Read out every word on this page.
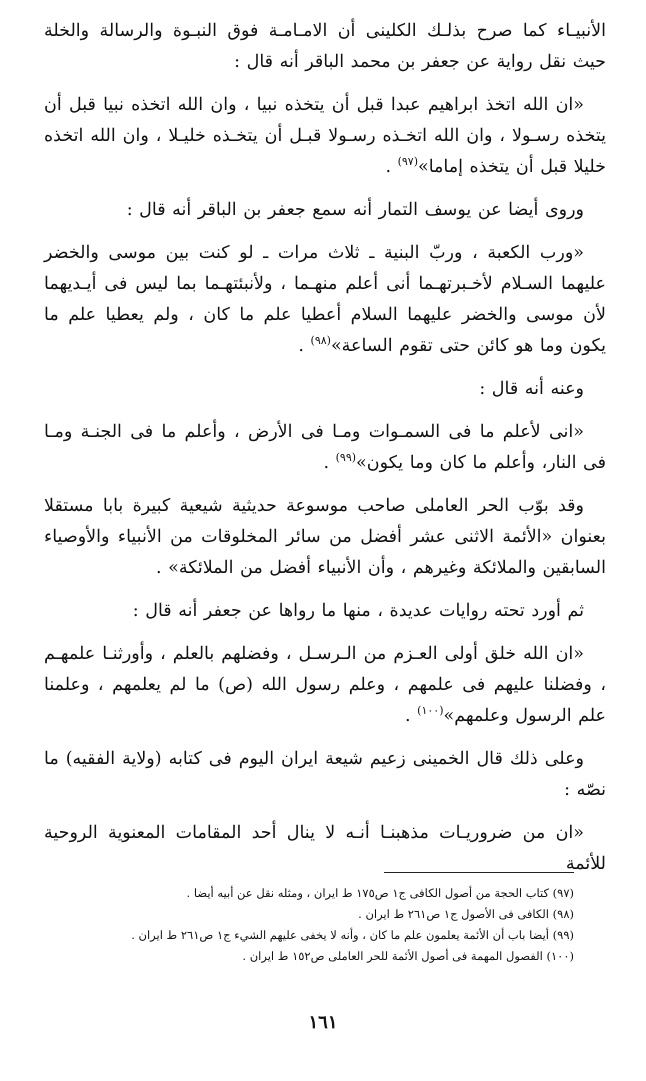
الأنبيـاء كما صرح بذلـك الكلينى أن الامـامـة فوق النبـوة والرسالة والخلة حيث نقل رواية عن جعفر بن محمد الباقر أنه قال :

«ان الله اتخذ ابراهيم عبدا قبل أن يتخذه نبيا ، وان الله اتخذه نبيا قبل أن يتخذه رسـولا ، وان الله اتخـذه رسـولا قبـل أن يتخـذه خليـلا ، وان الله اتخذه خليلا قبل أن يتخذه إماما»$^{(٩٧)}$ .

وروى أيضا عن يوسف التمار أنه سمع جعفر بن الباقر أنه قال :

«ورب الكعبة ، وربّ البنية ـ ثلاث مرات ـ لو كنت بين موسى والخضر عليهما السـلام لأخـبرتهـما أنى أعلم منهـما ، ولأنبئتهـما بما ليس فى أيـديهما لأن موسى والخضر عليهما السلام أعطيا علم ما كان ، ولم يعطيا علم ما يكون وما هو كائن حتى تقوم الساعة»$^{(٩٨)}$ .

وعنه أنه قال :

«انى لأعلم ما فى السمـوات ومـا فى الأرض ، وأعلم ما فى الجنـة ومـا فى النار، وأعلم ما كان وما يكون»$^{(٩٩)}$ .

وقد بوّب الحر العاملى صاحب موسوعة حديثية شيعية كبيرة بابا مستقلا بعنوان «الأئمة الاثنى عشر أفضل من سائر المخلوقات من الأنبياء والأوصياء السابقين والملائكة وغيرهم ، وأن الأنبياء أفضل من الملائكة» .

ثم أورد تحته روايات عديدة ، منها ما رواها عن جعفر أنه قال :

«ان الله خلق أولى العـزم من الـرسـل ، وفضلهم بالعلم ، وأورثنـا علمهـم ، وفضلنا عليهم فى علمهم ، وعلم رسول الله (ص) ما لم يعلمهم ، وعلمنا علم الرسول وعلمهم»$^{(١٠٠)}$ .

وعلى ذلك قال الخمينى زعيم شيعة ايران اليوم فى كتابه (ولاية الفقيه) ما نصّه :

«ان من ضروريـات مذهبنـا أنـه لا ينال أحد المقامات المعنوية الروحية للأئمة

(٩٧) كتاب الحجة من أصول الكافى ج١ ص١٧٥ ط ايران ، ومثله نقل عن أبيه أيضا .

(٩٨) الكافى فى الأصول ج١ ص٢٦١ ط ايران .

(٩٩) أيضا باب أن الأئمة يعلمون علم ما كان ، وأنه لا يخفى عليهم الشيء ج١ ص٢٦١ ط ايران .

(١٠٠) الفصول المهمة فى أصول الأئمة للحر العاملى ص١٥٢ ط ايران .

١٦١
